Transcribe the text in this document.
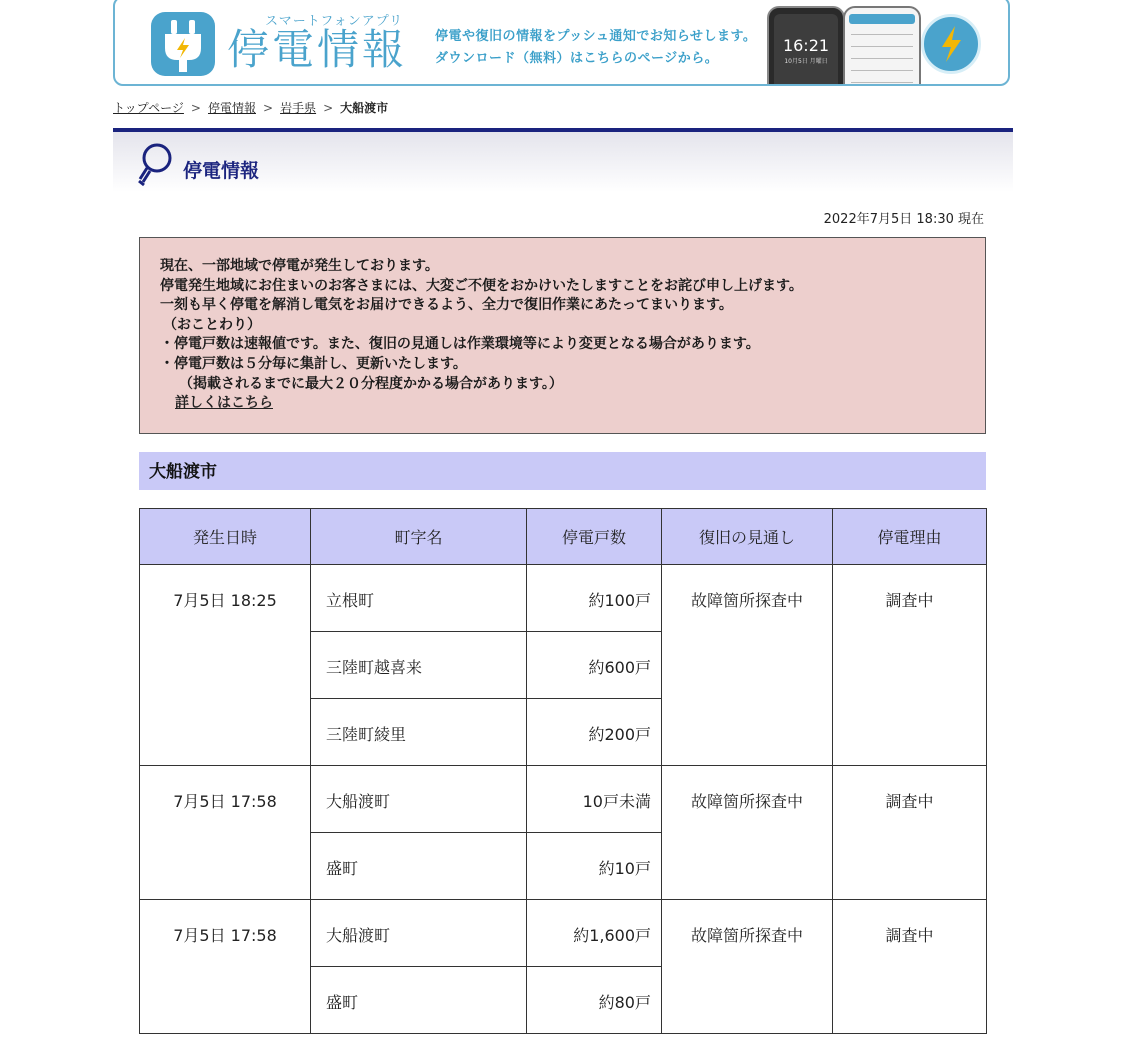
スマートフォンアプリ
停電情報 停電や復旧の情報をプッシュ通知でお知らせします。
ダウンロード（無料）はこちらのページから。
16:21
10月5日 月曜日
トップページ > 停電情報 > 岩手県 > 大船渡市
停電情報
2022年7月5日 18:30 現在

現在、一部地域で停電が発生しております。

停電発生地域にお住まいのお客さまには、大変ご不便をおかけいたしますことをお詫び申し上げます。

一刻も早く停電を解消し電気をお届けできるよう、全力で復旧作業にあたってまいります。

（おことわり）

・停電戸数は速報値です。また、復旧の見通しは作業環境等により変更となる場合があります。

・停電戸数は５分毎に集計し、更新いたします。

（掲載されるまでに最大２０分程度かかる場合があります。）

詳しくはこちら

大船渡市
発生日時	町字名	停電戸数	復旧の見通し	停電理由
7月5日 18:25	立根町	約100戸	故障箇所探査中	調査中
	三陸町越喜来	約600戸		
	三陸町綾里	約200戸		
7月5日 17:58	大船渡町	10戸未満	故障箇所探査中	調査中
	盛町	約10戸		
7月5日 17:58	大船渡町	約1,600戸	故障箇所探査中	調査中
	盛町	約80戸		
